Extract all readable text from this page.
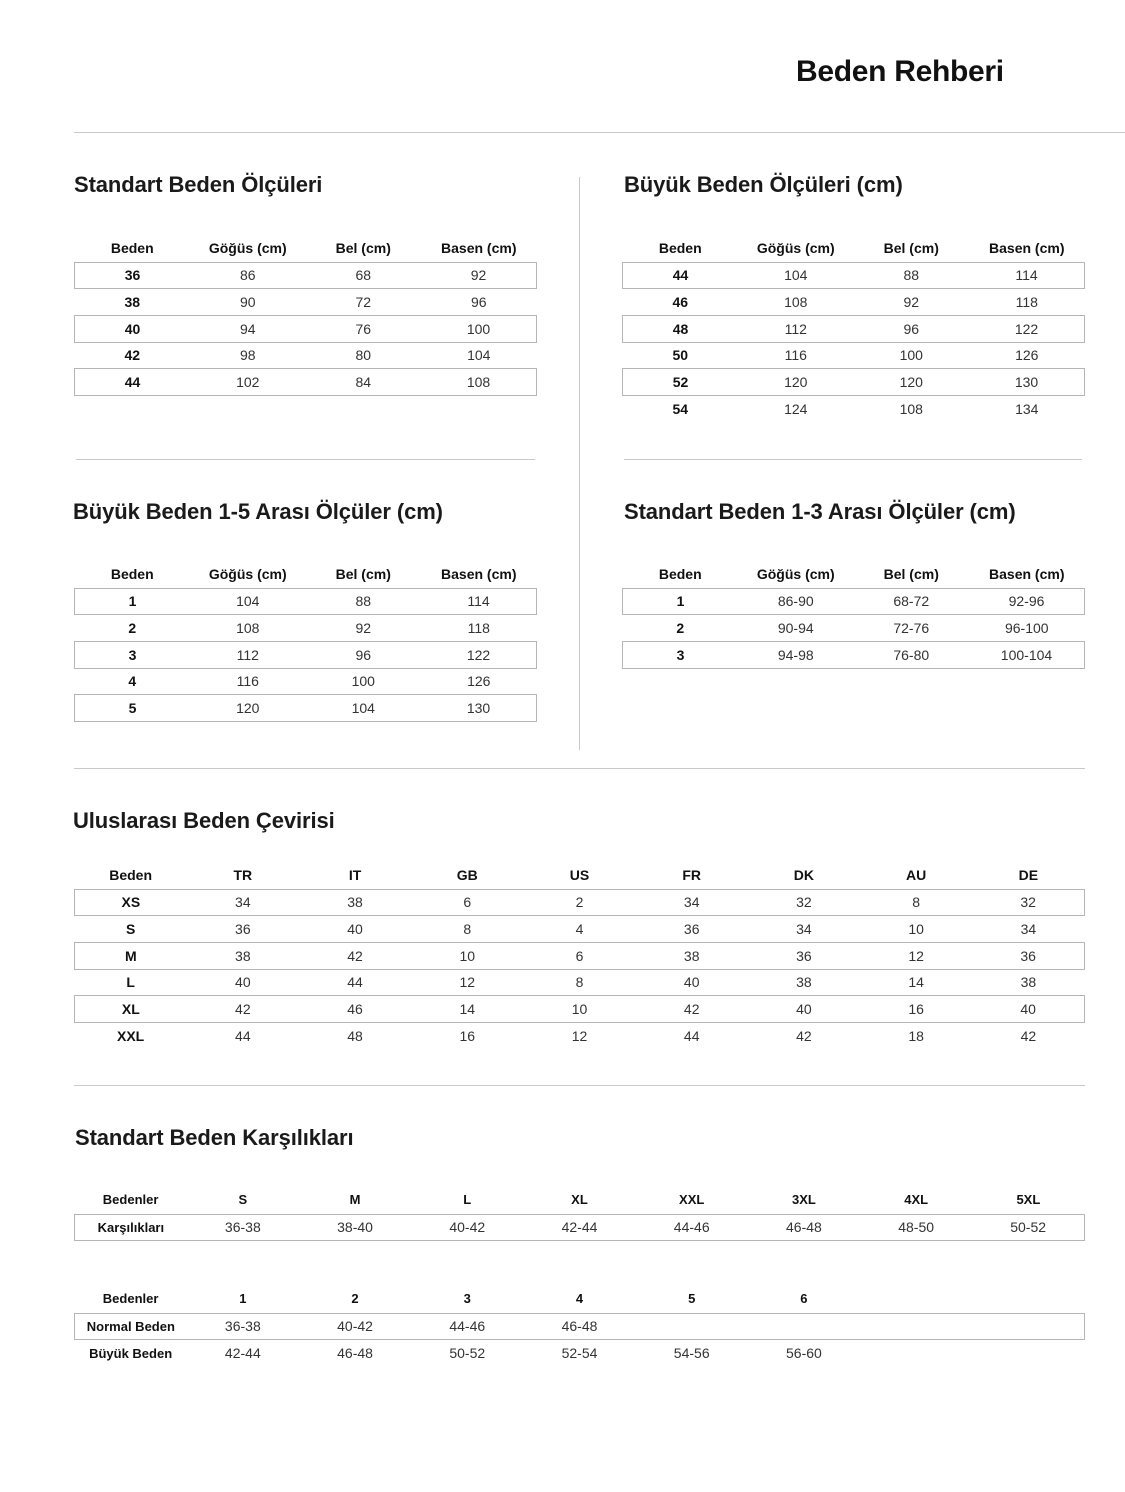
Beden Rehberi
Standart Beden Ölçüleri
Beden	Göğüs (cm)	Bel (cm)	Basen (cm)
36	86	68	92
38	90	72	96
40	94	76	100
42	98	80	104
44	102	84	108
Büyük Beden Ölçüleri (cm)
Beden	Göğüs (cm)	Bel (cm)	Basen (cm)
44	104	88	114
46	108	92	118
48	112	96	122
50	116	100	126
52	120	120	130
54	124	108	134
Büyük Beden 1-5 Arası Ölçüler (cm)
Beden	Göğüs (cm)	Bel (cm)	Basen (cm)
1	104	88	114
2	108	92	118
3	112	96	122
4	116	100	126
5	120	104	130
Standart Beden 1-3 Arası Ölçüler (cm)
Beden	Göğüs (cm)	Bel (cm)	Basen (cm)
1	86-90	68-72	92-96
2	90-94	72-76	96-100
3	94-98	76-80	100-104
Uluslarası Beden Çevirisi
Beden	TR	IT	GB	US	FR	DK	AU	DE
XS	34	38	6	2	34	32	8	32
S	36	40	8	4	36	34	10	34
M	38	42	10	6	38	36	12	36
L	40	44	12	8	40	38	14	38
XL	42	46	14	10	42	40	16	40
XXL	44	48	16	12	44	42	18	42
Standart Beden Karşılıkları
Bedenler	S	M	L	XL	XXL	3XL	4XL	5XL
Karşılıkları	36-38	38-40	40-42	42-44	44-46	46-48	48-50	50-52
Bedenler	1	2	3	4	5	6		
Normal Beden	36-38	40-42	44-46	46-48				
Büyük Beden	42-44	46-48	50-52	52-54	54-56	56-60		
